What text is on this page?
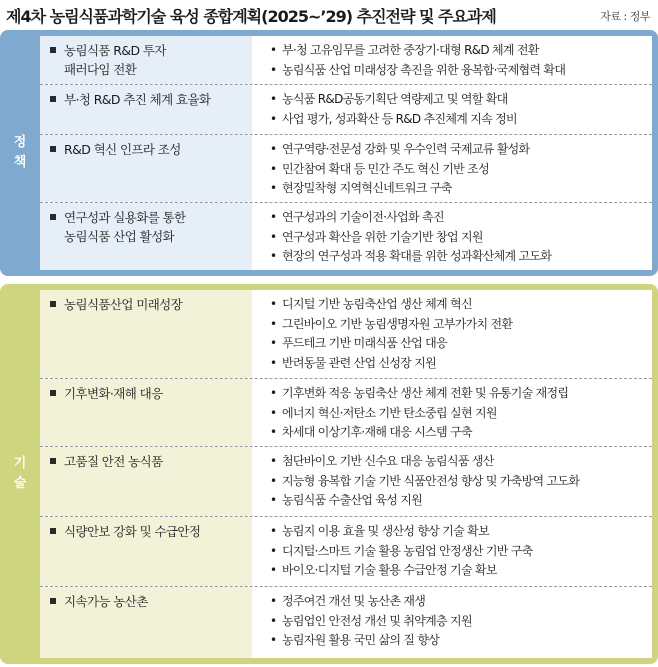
제4차 농림식품과학기술 육성 종합계획(2025~’29) 추진전략 및 주요과제	자료 : 정부
정
책
농림식품 R&D 투자
패러다임 전환
• 부·청 고유임무를 고려한 중장기·대형 R&D 체계 전환
• 농림식품 산업 미래성장 촉진을 위한 융복합·국제협력 확대
부·청 R&D 추진 체계 효율화	• 농식품 R&D공동기획단 역량제고 및 역할 확대
• 사업 평가, 성과확산 등 R&D 추진체계 지속 정비
R&D 혁신 인프라 조성	• 연구역량·전문성 강화 및 우수인력 국제교류 활성화
• 민간참여 확대 등 민간 주도 혁신 기반 조성
• 현장밀착형 지역혁신네트워크 구축
연구성과 실용화를 통한
농림식품 산업 활성화
• 연구성과의 기술이전·사업화 촉진
• 연구성과 확산을 위한 기술기반 창업 지원
• 현장의 연구성과 적용 확대를 위한 성과확산체계 고도화
기
술
농림식품산업 미래성장	• 디지털 기반 농림축산업 생산 체계 혁신
• 그린바이오 기반 농림생명자원 고부가가치 전환
• 푸드테크 기반 미래식품 산업 대응
• 반려동물 관련 산업 신성장 지원
기후변화·재해 대응	• 기후변화 적응 농림축산 생산 체계 전환 및 유통기술 재정립
• 에너지 혁신·저탄소 기반 탄소중립 실현 지원
• 차세대 이상기후·재해 대응 시스템 구축
고품질 안전 농식품	• 첨단바이오 기반 신수요 대응 농림식품 생산
• 지능형 융복합 기술 기반 식품안전성 향상 및 가축방역 고도화
• 농림식품 수출산업 육성 지원
식량안보 강화 및 수급안정	• 농림지 이용 효율 및 생산성 향상 기술 확보
• 디지털·스마트 기술 활용 농림업 안정생산 기반 구축
• 바이오·디지털 기술 활용 수급안정 기술 확보
지속가능 농산촌	• 정주여건 개선 및 농산촌 재생
• 농림업인 안전성 개선 및 취약계층 지원
• 농림자원 활용 국민 삶의 질 향상
